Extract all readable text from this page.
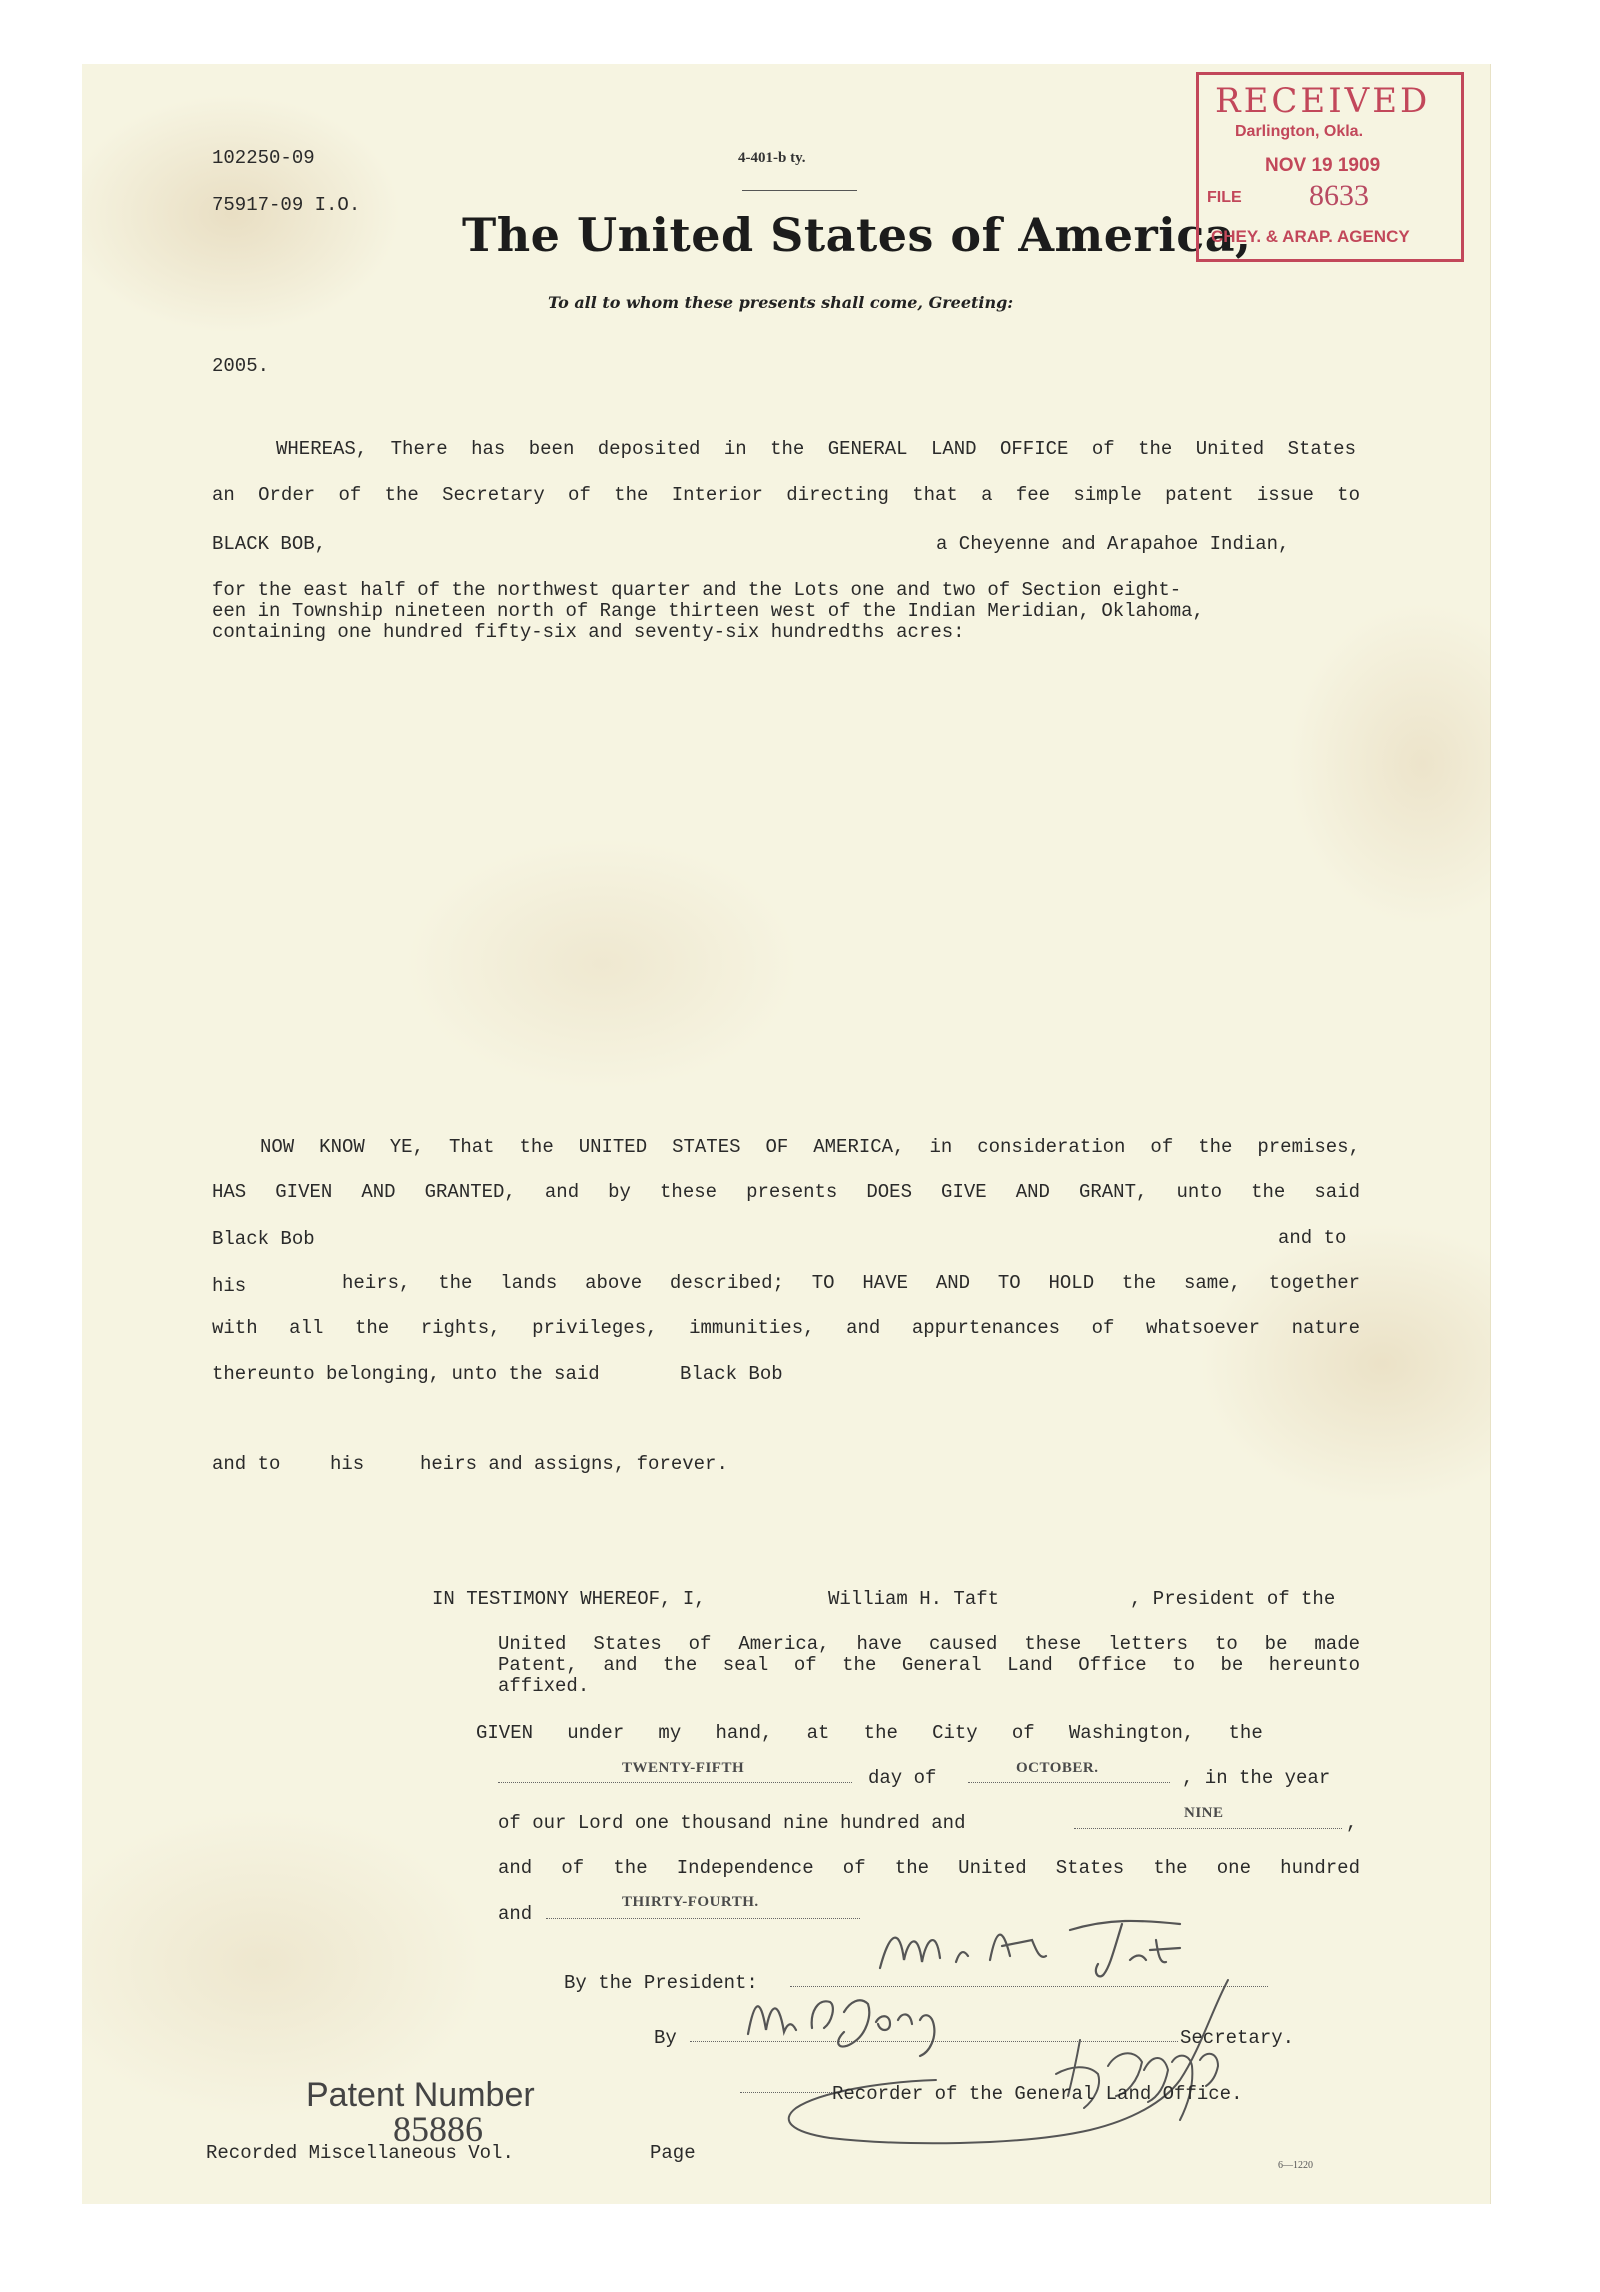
102250-09
75917-09 I.O.
4-401-b ty.
The United States of America,
To all to whom these presents shall come, Greeting:
2005.
RECEIVED
Darlington, Okla.
NOV 19 1909
FILE 8633
CHEY. & ARAP. AGENCY
WHEREAS, There has been deposited in the GENERAL LAND OFFICE of the United States
an Order of the Secretary of the Interior directing that a fee simple patent issue to
BLACK BOB,	a Cheyenne and Arapahoe Indian,
for the east half of the northwest quarter and the Lots one and two of Section eight-
een in Township nineteen north of Range thirteen west of the Indian Meridian, Oklahoma,
containing one hundred fifty-six and seventy-six hundredths acres:
NOW KNOW YE, That the UNITED STATES OF AMERICA, in consideration of the premises,
HAS GIVEN AND GRANTED, and by these presents DOES GIVE AND GRANT, unto the said
Black Bob	and to
his	heirs, the lands above described; TO HAVE AND TO HOLD the same, together
with all the rights, privileges, immunities, and appurtenances of whatsoever nature
thereunto belonging, unto the said	Black Bob
and to	his	heirs and assigns, forever.
IN TESTIMONY WHEREOF, I,	William H. Taft	, President of the
United States of America, have caused these letters to be made
Patent, and the seal of the General Land Office to be hereunto
affixed.
GIVEN   under   my   hand,   at   the   City   of   Washington,   the
TWENTY-FIFTH	day of	OCTOBER.	, in the year
of our Lord one thousand nine hundred and	NINE	,
and of the Independence of the United States the one hundred
and
THIRTY-FOURTH.
By the President:
By	Secretary.
Recorder of the General Land Office.
Patent Number
85886
Recorded Miscellaneous Vol.	Page
6—1220
